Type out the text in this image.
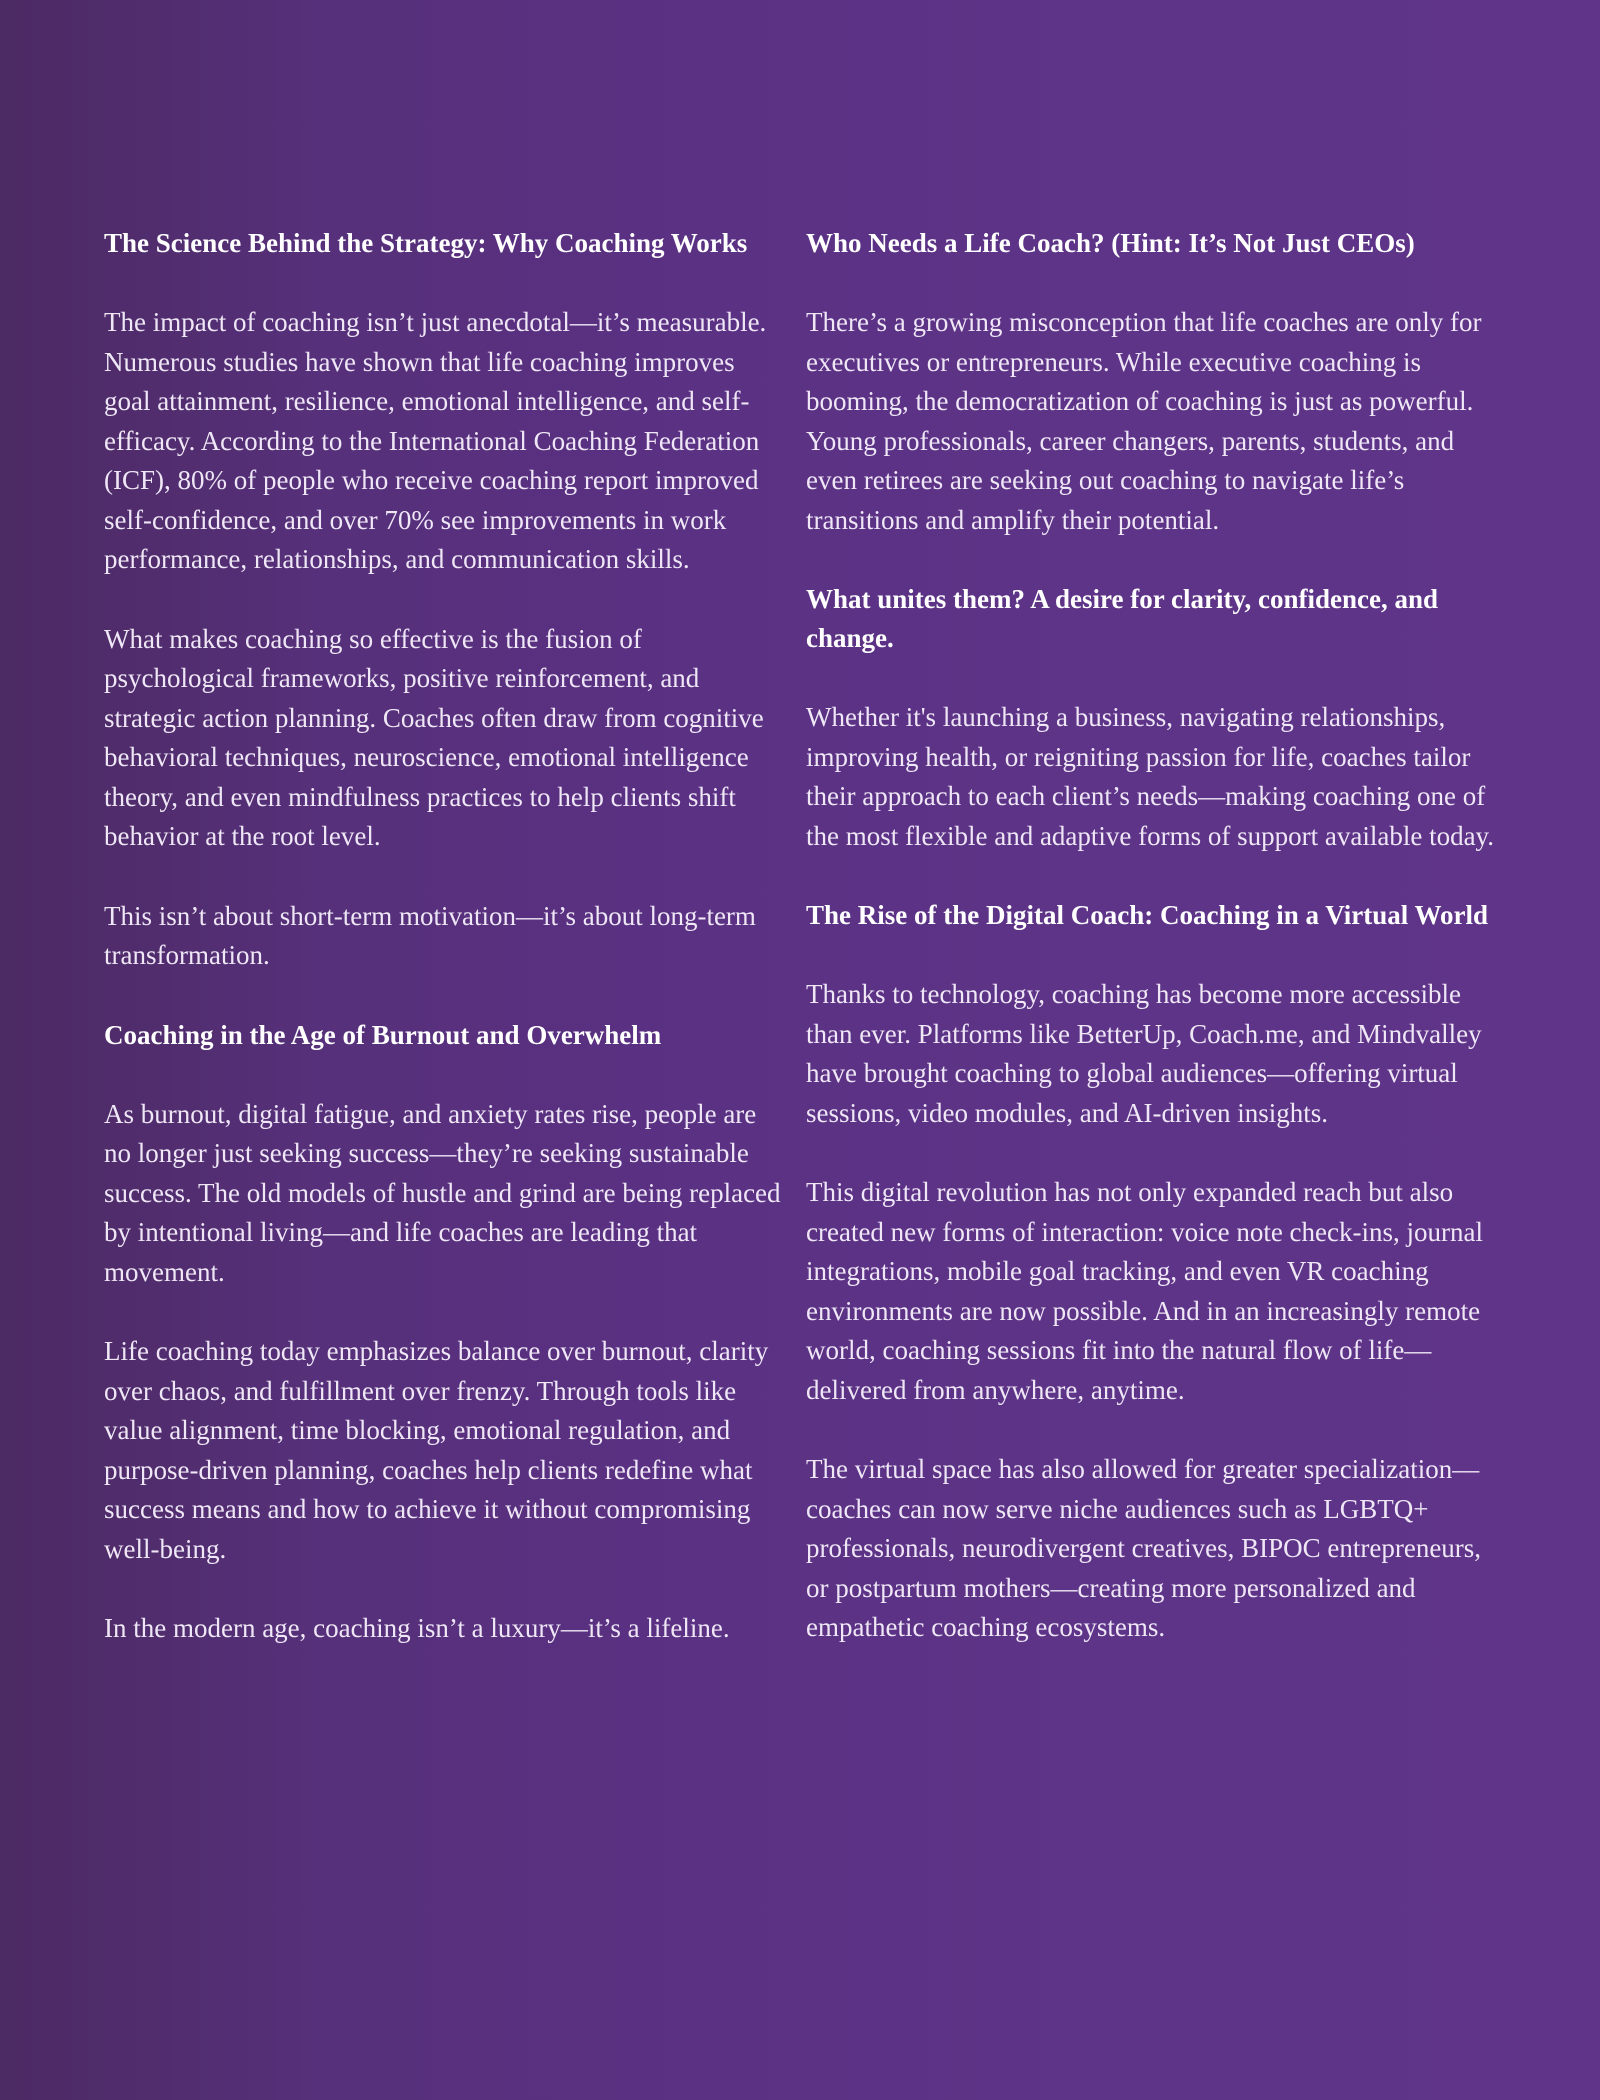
The Science Behind the Strategy: Why Coaching Works

The impact of coaching isn’t just anecdotal—it’s measurable. Numerous studies have shown that life coaching improves goal attainment, resilience, emotional intelligence, and self-efficacy. According to the International Coaching Federation (ICF), 80% of people who receive coaching report improved self-confidence, and over 70% see improvements in work performance, relationships, and communication skills.

What makes coaching so effective is the fusion of psychological frameworks, positive reinforcement, and strategic action planning. Coaches often draw from cognitive behavioral techniques, neuroscience, emotional intelligence theory, and even mindfulness practices to help clients shift behavior at the root level.

This isn’t about short-term motivation—it’s about long-term transformation.

Coaching in the Age of Burnout and Overwhelm

As burnout, digital fatigue, and anxiety rates rise, people are no longer just seeking success—they’re seeking sustainable success. The old models of hustle and grind are being replaced by intentional living—and life coaches are leading that movement.

Life coaching today emphasizes balance over burnout, clarity over chaos, and fulfillment over frenzy. Through tools like value alignment, time blocking, emotional regulation, and purpose-driven planning, coaches help clients redefine what success means and how to achieve it without compromising well-being.

In the modern age, coaching isn’t a luxury—it’s a lifeline.

Who Needs a Life Coach? (Hint: It’s Not Just CEOs)

There’s a growing misconception that life coaches are only for executives or entrepreneurs. While executive coaching is booming, the democratization of coaching is just as powerful. Young professionals, career changers, parents, students, and even retirees are seeking out coaching to navigate life’s transitions and amplify their potential.

What unites them? A desire for clarity, confidence, and change.

Whether it's launching a business, navigating relationships, improving health, or reigniting passion for life, coaches tailor their approach to each client’s needs—making coaching one of the most flexible and adaptive forms of support available today.

The Rise of the Digital Coach: Coaching in a Virtual World

Thanks to technology, coaching has become more accessible than ever. Platforms like BetterUp, Coach.me, and Mindvalley have brought coaching to global audiences—offering virtual sessions, video modules, and AI-driven insights.

This digital revolution has not only expanded reach but also created new forms of interaction: voice note check-ins, journal integrations, mobile goal tracking, and even VR coaching environments are now possible. And in an increasingly remote world, coaching sessions fit into the natural flow of life—delivered from anywhere, anytime.

The virtual space has also allowed for greater specialization—coaches can now serve niche audiences such as LGBTQ+ professionals, neurodivergent creatives, BIPOC entrepreneurs, or postpartum mothers—creating more personalized and empathetic coaching ecosystems.
